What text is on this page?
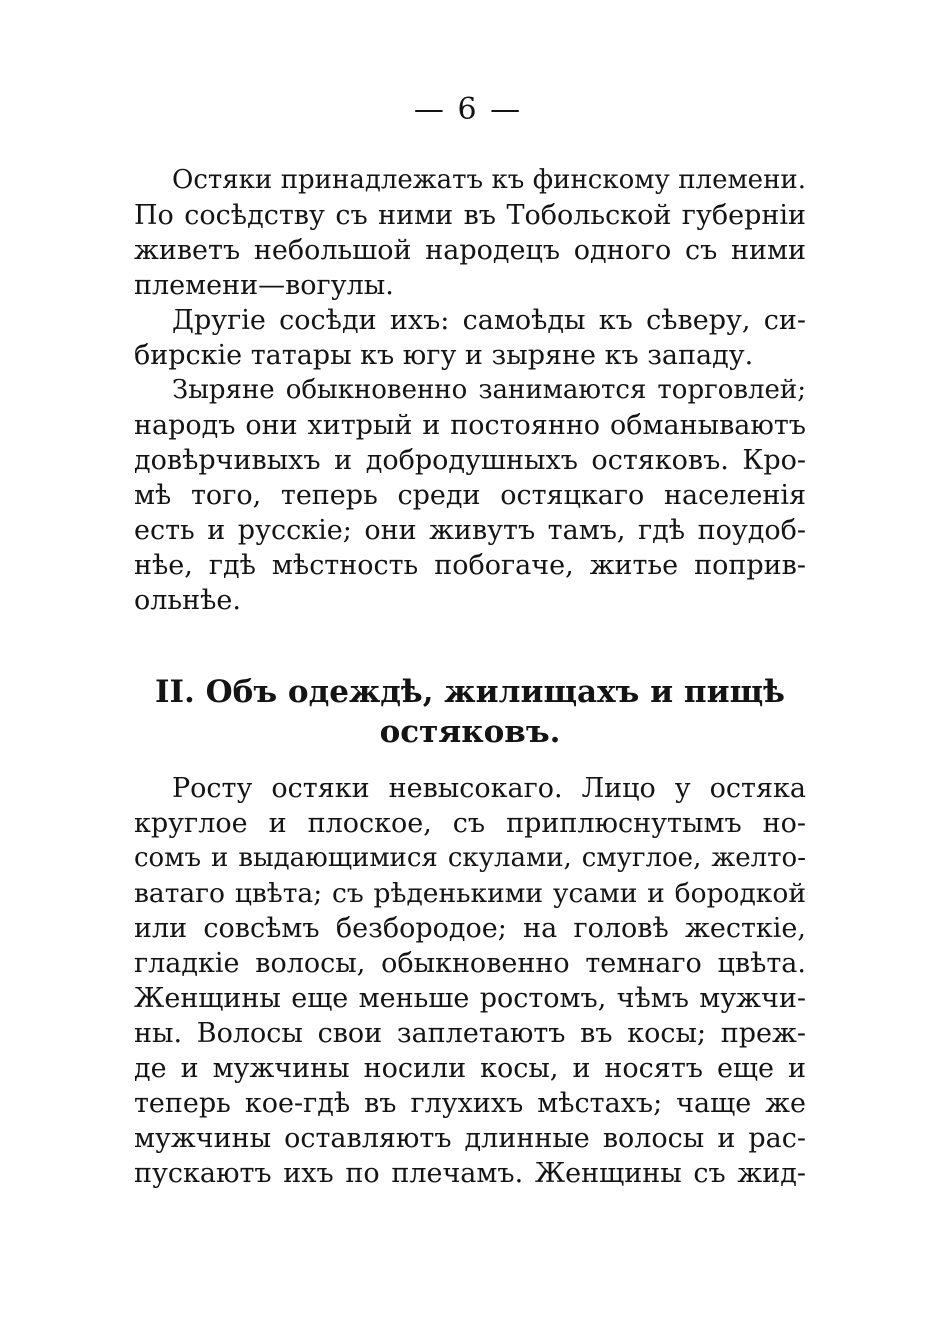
— 6 —
Остяки принадлежатъ къ финскому племени.
По сосѣдству съ ними въ Тобольской губерніи
живетъ небольшой народецъ одного съ ними
племени—вогулы.
Другіе сосѣди ихъ: самоѣды къ сѣверу, си-
бирскіе татары къ югу и зыряне къ западу.
Зыряне обыкновенно занимаются торговлей;
народъ они хитрый и постоянно обманываютъ
довѣрчивыхъ и добродушныхъ остяковъ. Кро-
мѣ того, теперь среди остяцкаго населенія
есть и русскіе; они живутъ тамъ, гдѣ поудоб-
нѣе, гдѣ мѣстность побогаче, житье поприв-
ольнѣе.
II. Объ одеждѣ, жилищахъ и пищѣ
остяковъ.
Росту остяки невысокаго. Лицо у остяка
круглое и плоское, съ приплюснутымъ но-
сомъ и выдающимися скулами, смуглое, желто-
ватаго цвѣта; съ рѣденькими усами и бородкой
или совсѣмъ безбородое; на головѣ жесткіе,
гладкіе волосы, обыкновенно темнаго цвѣта.
Женщины еще меньше ростомъ, чѣмъ мужчи-
ны. Волосы свои заплетаютъ въ косы; преж-
де и мужчины носили косы, и носятъ еще и
теперь кое-гдѣ въ глухихъ мѣстахъ; чаще же
мужчины оставляютъ длинные волосы и рас-
пускаютъ ихъ по плечамъ. Женщины съ жид-
